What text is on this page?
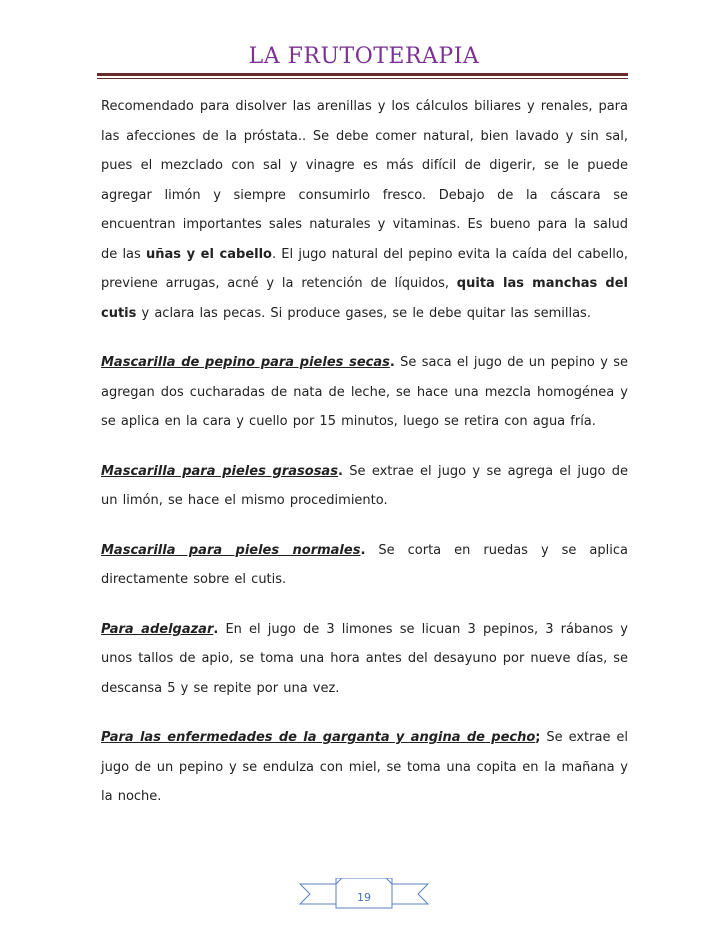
LA FRUTOTERAPIA

Recomendado para disolver las arenillas y los cálculos biliares y renales, para las afecciones de la próstata.. Se debe comer natural, bien lavado y sin sal, pues el mezclado con sal y vinagre es más difícil de digerir, se le puede agregar limón y siempre consumirlo fresco. Debajo de la cáscara se encuentran importantes sales naturales y vitaminas. Es bueno para la salud de las uñas y el cabello. El jugo natural del pepino evita la caída del cabello, previene arrugas, acné y la retención de líquidos, quita las manchas del cutis y aclara las pecas. Si produce gases, se le debe quitar las semillas.

Mascarilla de pepino para pieles secas. Se saca el jugo de un pepino y se agregan dos cucharadas de nata de leche, se hace una mezcla homogénea y se aplica en la cara y cuello por 15 minutos, luego se retira con agua fría.

Mascarilla para pieles grasosas. Se extrae el jugo y se agrega el jugo de un limón, se hace el mismo procedimiento.

Mascarilla para pieles normales. Se corta en ruedas y se aplica directamente sobre el cutis.

Para adelgazar. En el jugo de 3 limones se licuan 3 pepinos, 3 rábanos y unos tallos de apio, se toma una hora antes del desayuno por nueve días, se descansa 5 y se repite por una vez.

Para las enfermedades de la garganta y angina de pecho; Se extrae el jugo de un pepino y se endulza con miel, se toma una copita en la mañana y la noche.

19
